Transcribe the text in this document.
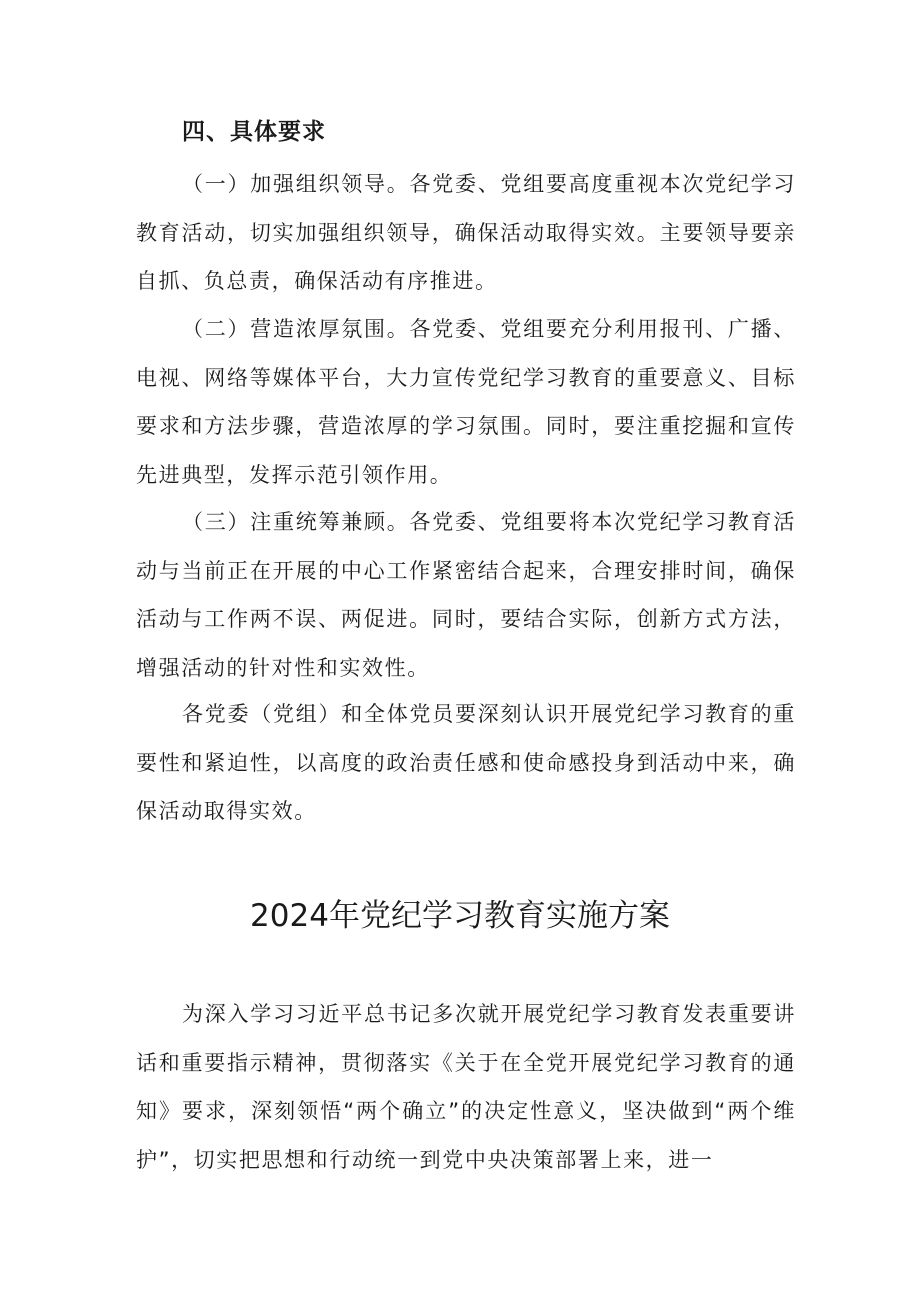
四、具体要求

（一）加强组织领导。各党委、党组要高度重视本次党纪学习教育活动，切实加强组织领导，确保活动取得实效。主要领导要亲自抓、负总责，确保活动有序推进。

（二）营造浓厚氛围。各党委、党组要充分利用报刊、广播、电视、网络等媒体平台，大力宣传党纪学习教育的重要意义、目标要求和方法步骤，营造浓厚的学习氛围。同时，要注重挖掘和宣传先进典型，发挥示范引领作用。

（三）注重统筹兼顾。各党委、党组要将本次党纪学习教育活动与当前正在开展的中心工作紧密结合起来，合理安排时间，确保活动与工作两不误、两促进。同时，要结合实际，创新方式方法，增强活动的针对性和实效性。

各党委（党组）和全体党员要深刻认识开展党纪学习教育的重要性和紧迫性，以高度的政治责任感和使命感投身到活动中来，确保活动取得实效。

2024年党纪学习教育实施方案

为深入学习习近平总书记多次就开展党纪学习教育发表重要讲话和重要指示精神，贯彻落实《关于在全党开展党纪学习教育的通知》要求，深刻领悟“两个确立”的决定性意义，坚决做到“两个维护”，切实把思想和行动统一到党中央决策部署上来，进一
